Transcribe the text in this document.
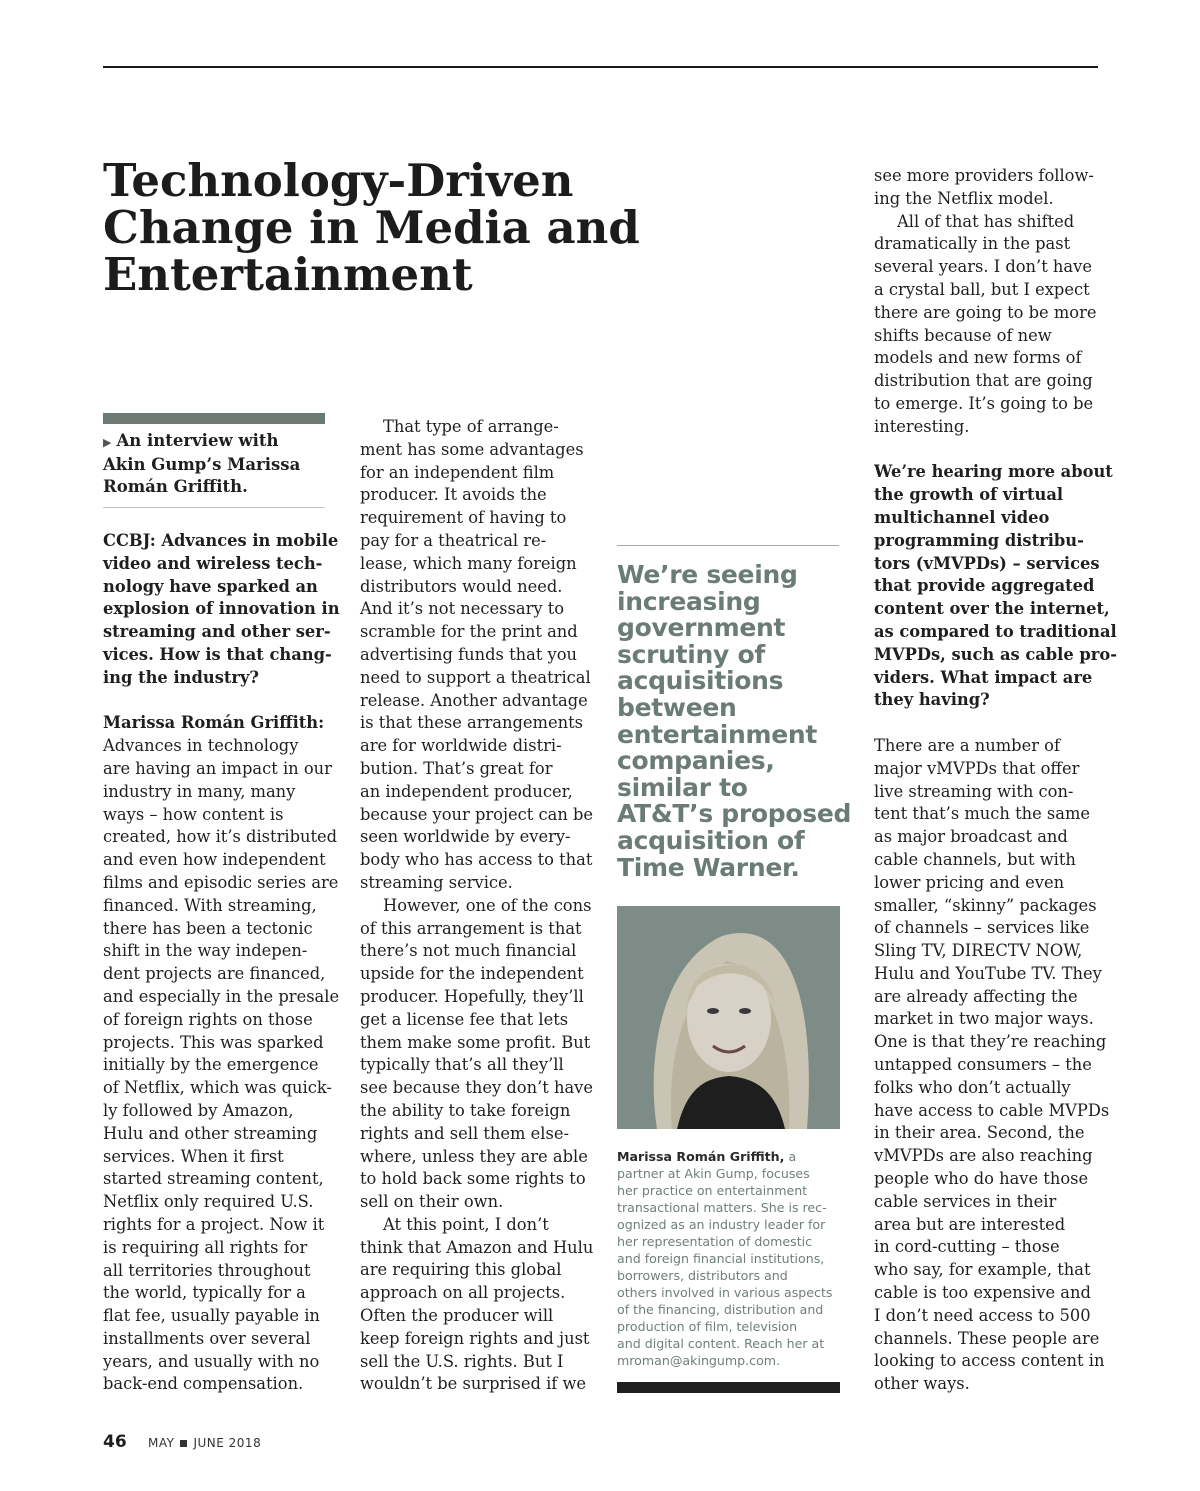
Technology-Driven
Change in Media and
Entertainment
▶ An interview with
Akin Gump’s Marissa
Román Griffith.
CCBJ: Advances in mobile
video and wireless tech-
nology have sparked an
explosion of innovation in
streaming and other ser-
vices. How is that chang-
ing the industry?
Marissa Román Griffith:
Advances in technology
are having an impact in our
industry in many, many
ways – how content is
created, how it’s distributed
and even how independent
films and episodic series are
financed. With streaming,
there has been a tectonic
shift in the way indepen-
dent projects are financed,
and especially in the presale
of foreign rights on those
projects. This was sparked
initially by the emergence
of Netflix, which was quick-
ly followed by Amazon,
Hulu and other streaming
services. When it first
started streaming content,
Netflix only required U.S.
rights for a project. Now it
is requiring all rights for
all territories throughout
the world, typically for a
flat fee, usually payable in
installments over several
years, and usually with no
back-end compensation.
That type of arrange-
ment has some advantages
for an independent film
producer. It avoids the
requirement of having to
pay for a theatrical re-
lease, which many foreign
distributors would need.
And it’s not necessary to
scramble for the print and
advertising funds that you
need to support a theatrical
release. Another advantage
is that these arrangements
are for worldwide distri-
bution. That’s great for
an independent producer,
because your project can be
seen worldwide by every-
body who has access to that
streaming service.
However, one of the cons
of this arrangement is that
there’s not much financial
upside for the independent
producer. Hopefully, they’ll
get a license fee that lets
them make some profit. But
typically that’s all they’ll
see because they don’t have
the ability to take foreign
rights and sell them else-
where, unless they are able
to hold back some rights to
sell on their own.
At this point, I don’t
think that Amazon and Hulu
are requiring this global
approach on all projects.
Often the producer will
keep foreign rights and just
sell the U.S. rights. But I
wouldn’t be surprised if we
We’re seeing
increasing
government
scrutiny of
acquisitions
between
entertainment
companies,
similar to
AT&T’s proposed
acquisition of
Time Warner.
Marissa Román Griffith, a
partner at Akin Gump, focuses
her practice on entertainment
transactional matters. She is rec-
ognized as an industry leader for
her representation of domestic
and foreign financial institutions,
borrowers, distributors and
others involved in various aspects
of the financing, distribution and
production of film, television
and digital content. Reach her at
mroman@akingump.com.
see more providers follow-
ing the Netflix model.
All of that has shifted
dramatically in the past
several years. I don’t have
a crystal ball, but I expect
there are going to be more
shifts because of new
models and new forms of
distribution that are going
to emerge. It’s going to be
interesting.
We’re hearing more about
the growth of virtual
multichannel video
programming distribu-
tors (vMVPDs) – services
that provide aggregated
content over the internet,
as compared to traditional
MVPDs, such as cable pro-
viders. What impact are
they having?
There are a number of
major vMVPDs that offer
live streaming with con-
tent that’s much the same
as major broadcast and
cable channels, but with
lower pricing and even
smaller, “skinny” packages
of channels – services like
Sling TV, DIRECTV NOW,
Hulu and YouTube TV. They
are already affecting the
market in two major ways.
One is that they’re reaching
untapped consumers – the
folks who don’t actually
have access to cable MVPDs
in their area. Second, the
vMVPDs are also reaching
people who do have those
cable services in their
area but are interested
in cord-cutting – those
who say, for example, that
cable is too expensive and
I don’t need access to 500
channels. These people are
looking to access content in
other ways.
46 MAY JUNE 2018
